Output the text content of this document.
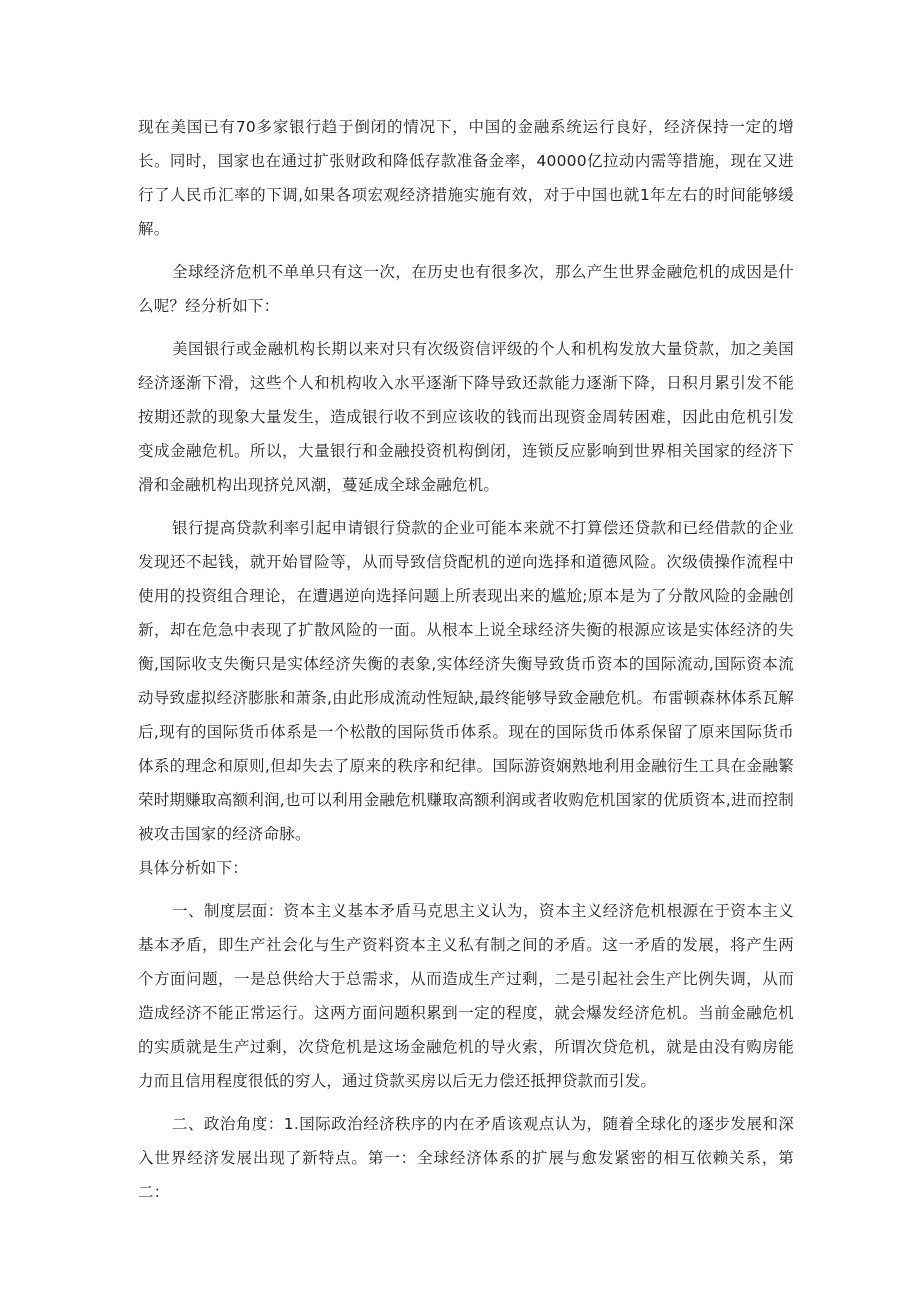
现在美国已有70多家银行趋于倒闭的情况下，中国的金融系统运行良好，经济保持一定的增长。同时，国家也在通过扩张财政和降低存款准备金率，40000亿拉动内需等措施，现在又进行了人民币汇率的下调,如果各项宏观经济措施实施有效，对于中国也就1年左右的时间能够缓解。

全球经济危机不单单只有这一次，在历史也有很多次，那么产生世界金融危机的成因是什么呢？经分析如下：

美国银行或金融机构长期以来对只有次级资信评级的个人和机构发放大量贷款，加之美国经济逐渐下滑，这些个人和机构收入水平逐渐下降导致还款能力逐渐下降，日积月累引发不能按期还款的现象大量发生，造成银行收不到应该收的钱而出现资金周转困难，因此由危机引发变成金融危机。所以，大量银行和金融投资机构倒闭，连锁反应影响到世界相关国家的经济下滑和金融机构出现挤兑风潮，蔓延成全球金融危机。

银行提高贷款利率引起申请银行贷款的企业可能本来就不打算偿还贷款和已经借款的企业发现还不起钱，就开始冒险等，从而导致信贷配机的逆向选择和道德风险。次级债操作流程中使用的投资组合理论，在遭遇逆向选择问题上所表现出来的尴尬;原本是为了分散风险的金融创新，却在危急中表现了扩散风险的一面。从根本上说全球经济失衡的根源应该是实体经济的失衡,国际收支失衡只是实体经济失衡的表象,实体经济失衡导致货币资本的国际流动,国际资本流动导致虚拟经济膨胀和萧条,由此形成流动性短缺,最终能够导致金融危机。布雷顿森林体系瓦解后,现有的国际货币体系是一个松散的国际货币体系。现在的国际货币体系保留了原来国际货币体系的理念和原则,但却失去了原来的秩序和纪律。国际游资娴熟地利用金融衍生工具在金融繁荣时期赚取高额利润,也可以利用金融危机赚取高额利润或者收购危机国家的优质资本,进而控制被攻击国家的经济命脉。

具体分析如下：

一、制度层面：资本主义基本矛盾马克思主义认为，资本主义经济危机根源在于资本主义基本矛盾，即生产社会化与生产资料资本主义私有制之间的矛盾。这一矛盾的发展，将产生两个方面问题，一是总供给大于总需求，从而造成生产过剩，二是引起社会生产比例失调，从而造成经济不能正常运行。这两方面问题积累到一定的程度，就会爆发经济危机。当前金融危机的实质就是生产过剩，次贷危机是这场金融危机的导火索，所谓次贷危机，就是由没有购房能力而且信用程度很低的穷人，通过贷款买房以后无力偿还抵押贷款而引发。

二、政治角度：1.国际政治经济秩序的内在矛盾该观点认为，随着全球化的逐步发展和深入世界经济发展出现了新特点。第一：全球经济体系的扩展与愈发紧密的相互依赖关系，第二：
